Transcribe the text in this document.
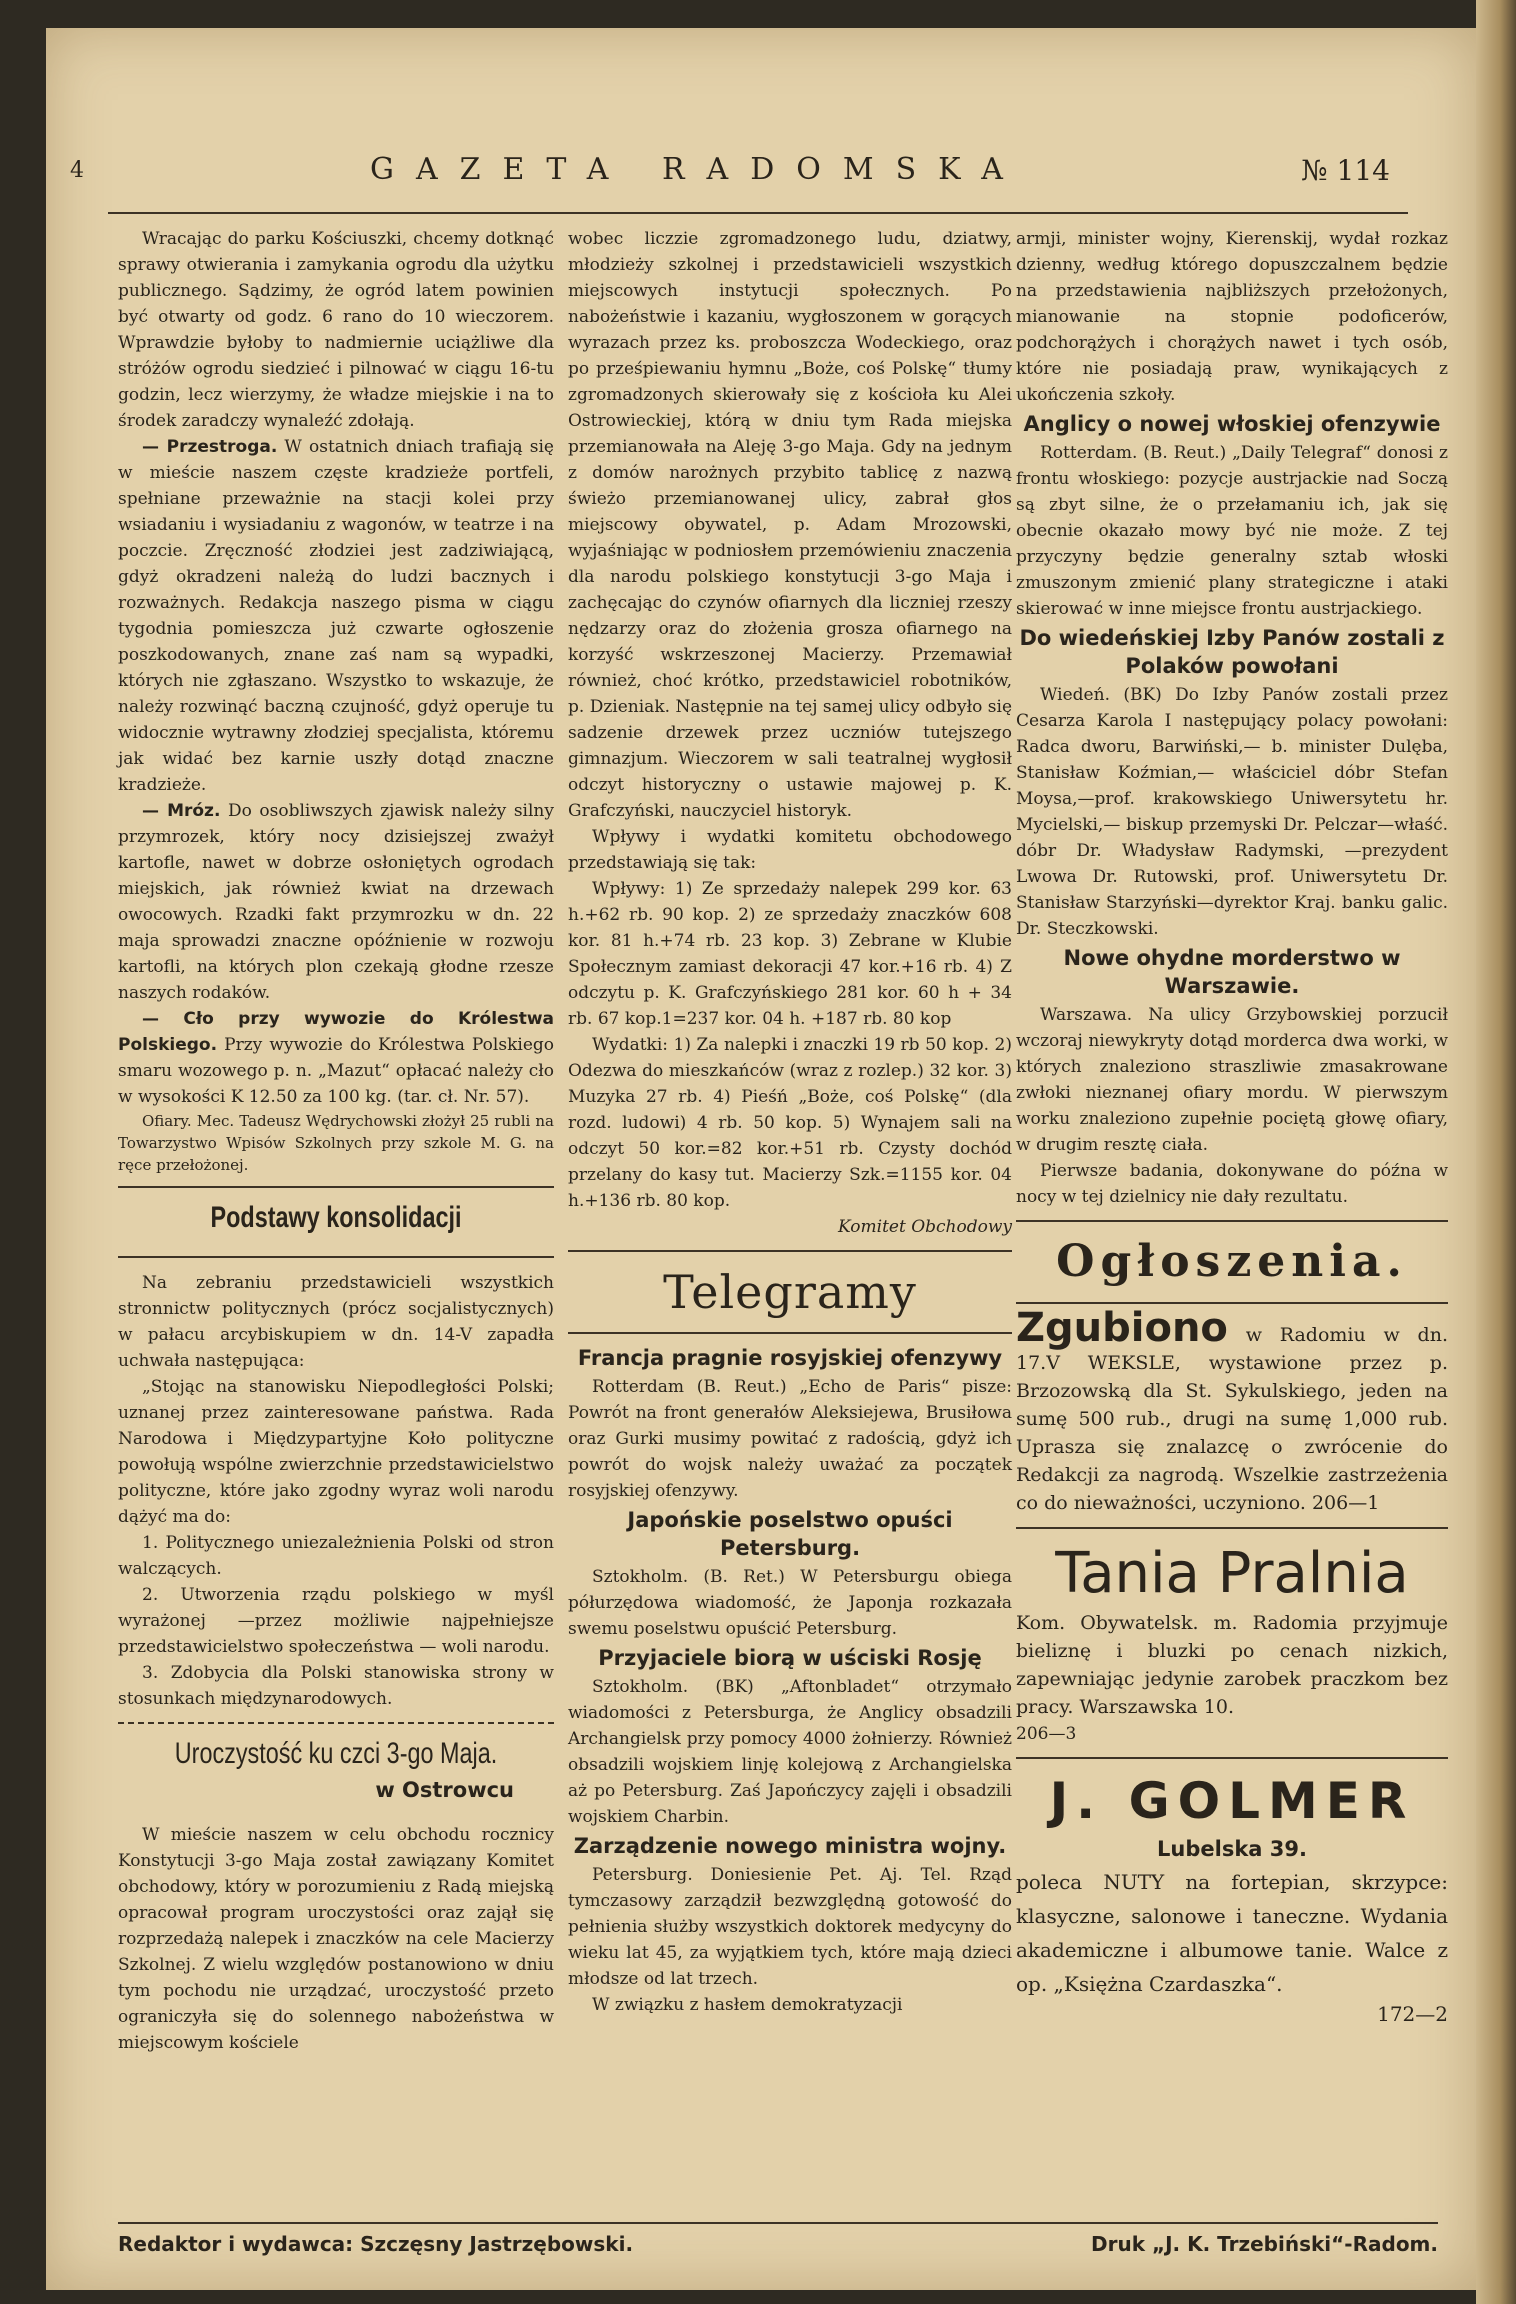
4	GAZETA RADOMSKA	№ 114

Wracając do parku Kościuszki, chcemy dotknąć sprawy otwierania i zamykania ogrodu dla użytku publicznego. Sądzimy, że ogród latem powinien być otwarty od godz. 6 rano do 10 wieczorem. Wprawdzie byłoby to nadmiernie uciążliwe dla stróżów ogrodu siedzieć i pilnować w ciągu 16-tu godzin, lecz wierzymy, że władze miejskie i na to środek zaradczy wynaleźć zdołają.

— Przestroga. W ostatnich dniach trafiają się w mieście naszem częste kradzieże portfeli, spełniane przeważnie na stacji kolei przy wsiadaniu i wysiadaniu z wagonów, w teatrze i na poczcie. Zręczność złodziei jest zadziwiającą, gdyż okradzeni należą do ludzi bacznych i rozważnych. Redakcja naszego pisma w ciągu tygodnia pomieszcza już czwarte ogłoszenie poszkodowanych, znane zaś nam są wypadki, których nie zgłaszano. Wszystko to wskazuje, że należy rozwinąć baczną czujność, gdyż operuje tu widocznie wytrawny złodziej specjalista, któremu jak widać bez karnie uszły dotąd znaczne kradzieże.

— Mróz. Do osobliwszych zjawisk należy silny przymrozek, który nocy dzisiejszej zważył kartofle, nawet w dobrze osłoniętych ogrodach miejskich, jak również kwiat na drzewach owocowych. Rzadki fakt przymrozku w dn. 22 maja sprowadzi znaczne opóźnienie w rozwoju kartofli, na których plon czekają głodne rzesze naszych rodaków.

— Cło przy wywozie do Królestwa Polskiego. Przy wywozie do Królestwa Polskiego smaru wozowego p. n. „Mazut“ opłacać należy cło w wysokości K 12.50 za 100 kg. (tar. cł. Nr. 57).

Ofiary. Mec. Tadeusz Wędrychowski złożył 25 rubli na Towarzystwo Wpisów Szkolnych przy szkole M. G. na ręce przełożonej.

Podstawy konsolidacji

Na zebraniu przedstawicieli wszystkich stronnictw politycznych (prócz socjalistycznych) w pałacu arcybiskupiem w dn. 14-V zapadła uchwała następująca:

„Stojąc na stanowisku Niepodległości Polski; uznanej przez zainteresowane państwa. Rada Narodowa i Międzypartyjne Koło polityczne powołują wspólne zwierzchnie przedstawicielstwo polityczne, które jako zgodny wyraz woli narodu dążyć ma do:

1. Politycznego uniezależnienia Polski od stron walczących.

2. Utworzenia rządu polskiego w myśl wyrażonej —przez możliwie najpełniejsze przedstawicielstwo społeczeństwa — woli narodu.

3. Zdobycia dla Polski stanowiska strony w stosunkach międzynarodowych.

Uroczystość ku czci 3-go Maja.
w Ostrowcu

W mieście naszem w celu obchodu rocznicy Konstytucji 3-go Maja został zawiązany Komitet obchodowy, który w porozumieniu z Radą miejską opracował program uroczystości oraz zajął się rozprzedażą nalepek i znaczków na cele Macierzy Szkolnej. Z wielu względów postanowiono w dniu tym pochodu nie urządzać, uroczystość przeto ograniczyła się do solennego nabożeństwa w miejscowym kościele

wobec liczzie zgromadzonego ludu, dziatwy, młodzieży szkolnej i przedstawicieli wszystkich miejscowych instytucji społecznych. Po nabożeństwie i kazaniu, wygłoszonem w gorących wyrazach przez ks. proboszcza Wodeckiego, oraz po prześpiewaniu hymnu „Boże, coś Polskę“ tłumy zgromadzonych skierowały się z kościoła ku Alei Ostrowieckiej, którą w dniu tym Rada miejska przemianowała na Aleję 3-go Maja. Gdy na jednym z domów narożnych przybito tablicę z nazwą świeżo przemianowanej ulicy, zabrał głos miejscowy obywatel, p. Adam Mrozowski, wyjaśniając w podniosłem przemówieniu znaczenia dla narodu polskiego konstytucji 3-go Maja i zachęcając do czynów ofiarnych dla liczniej rzeszy nędzarzy oraz do złożenia grosza ofiarnego na korzyść wskrzeszonej Macierzy. Przemawiał również, choć krótko, przedstawiciel robotników, p. Dzieniak. Następnie na tej samej ulicy odbyło się sadzenie drzewek przez uczniów tutejszego gimnazjum. Wieczorem w sali teatralnej wygłosił odczyt historyczny o ustawie majowej p. K. Grafczyński, nauczyciel historyk.

Wpływy i wydatki komitetu obchodowego przedstawiają się tak:

Wpływy: 1) Ze sprzedaży nalepek 299 kor. 63 h.+62 rb. 90 kop. 2) ze sprzedaży znaczków 608 kor. 81 h.+74 rb. 23 kop. 3) Zebrane w Klubie Społecznym zamiast dekoracji 47 kor.+16 rb. 4) Z odczytu p. K. Grafczyńskiego 281 kor. 60 h + 34 rb. 67 kop.1=237 kor. 04 h. +187 rb. 80 kop

Wydatki: 1) Za nalepki i znaczki 19 rb 50 kop. 2) Odezwa do mieszkańców (wraz z rozlep.) 32 kor. 3) Muzyka 27 rb. 4) Pieśń „Boże, coś Polskę“ (dla rozd. ludowi) 4 rb. 50 kop. 5) Wynajem sali na odczyt 50 kor.=82 kor.+51 rb. Czysty dochód przelany do kasy tut. Macierzy Szk.=1155 kor. 04 h.+136 rb. 80 kop.

Komitet Obchodowy
Telegramy
Francja pragnie rosyjskiej ofenzywy

Rotterdam (B. Reut.) „Echo de Paris“ pisze: Powrót na front generałów Aleksiejewa, Brusiłowa oraz Gurki musimy powitać z radością, gdyż ich powrót do wojsk należy uważać za początek rosyjskiej ofenzywy.

Japońskie poselstwo opuści Petersburg.

Sztokholm. (B. Ret.) W Petersburgu obiega półurzędowa wiadomość, że Japonja rozkazała swemu poselstwu opuścić Petersburg.

Przyjaciele biorą w uściski Rosję

Sztokholm. (BK) „Aftonbladet“ otrzymało wiadomości z Petersburga, że Anglicy obsadzili Archangielsk przy pomocy 4000 żołnierzy. Również obsadzili wojskiem linję kolejową z Archangielska aż po Petersburg. Zaś Japończycy zajęli i obsadzili wojskiem Charbin.

Zarządzenie nowego ministra wojny.

Petersburg. Doniesienie Pet. Aj. Tel. Rząd tymczasowy zarządził bezwzględną gotowość do pełnienia służby wszystkich doktorek medycyny do wieku lat 45, za wyjątkiem tych, które mają dzieci młodsze od lat trzech.

W związku z hasłem demokratyzacji

armji, minister wojny, Kierenskij, wydał rozkaz dzienny, według którego dopuszczalnem będzie na przedstawienia najbliższych przełożonych, mianowanie na stopnie podoficerów, podchorążych i chorążych nawet i tych osób, które nie posiadają praw, wynikających z ukończenia szkoły.

Anglicy o nowej włoskiej ofenzywie

Rotterdam. (B. Reut.) „Daily Telegraf“ donosi z frontu włoskiego: pozycje austrjackie nad Soczą są zbyt silne, że o przełamaniu ich, jak się obecnie okazało mowy być nie może. Z tej przyczyny będzie generalny sztab włoski zmuszonym zmienić plany strategiczne i ataki skierować w inne miejsce frontu austrjackiego.

Do wiedeńskiej Izby Panów zostali z Polaków powołani

Wiedeń. (BK) Do Izby Panów zostali przez Cesarza Karola I następujący polacy powołani: Radca dworu, Barwiński,— b. minister Dulęba, Stanisław Koźmian,— właściciel dóbr Stefan Moysa,—prof. krakowskiego Uniwersytetu hr. Mycielski,— biskup przemyski Dr. Pelczar—właść. dóbr Dr. Władysław Radymski, —prezydent Lwowa Dr. Rutowski, prof. Uniwersytetu Dr. Stanisław Starzyński—dyrektor Kraj. banku galic. Dr. Steczkowski.

Nowe ohydne morderstwo w Warszawie.

Warszawa. Na ulicy Grzybowskiej porzucił wczoraj niewykryty dotąd morderca dwa worki, w których znaleziono straszliwie zmasakrowane zwłoki nieznanej ofiary mordu. W pierwszym worku znaleziono zupełnie pociętą głowę ofiary, w drugim resztę ciała.

Pierwsze badania, dokonywane do późna w nocy w tej dzielnicy nie dały rezultatu.

Ogłoszenia.

Zgubiono w Radomiu w dn. 17.V WEKSLE, wystawione przez p. Brzozowską dla St. Sykulskiego, jeden na sumę 500 rub., drugi na sumę 1,000 rub. Uprasza się znalazcę o zwrócenie do Redakcji za nagrodą. Wszelkie zastrzeżenia co do nieważności, uczyniono. 206—1

Tania Pralnia

Kom. Obywatelsk. m. Radomia przyjmuje bieliznę i bluzki po cenach nizkich, zapewniając jedynie zarobek praczkom bez pracy. Warszawska 10.

206—3
J. GOLMER
Lubelska 39.

poleca NUTY na fortepian, skrzypce: klasyczne, salonowe i taneczne. Wydania akademiczne i albumowe tanie. Walce z op. „Księżna Czardaszka“.

172—2
Redaktor i wydawca: Szczęsny Jastrzębowski.	Druk „J. K. Trzebiński“-Radom.
